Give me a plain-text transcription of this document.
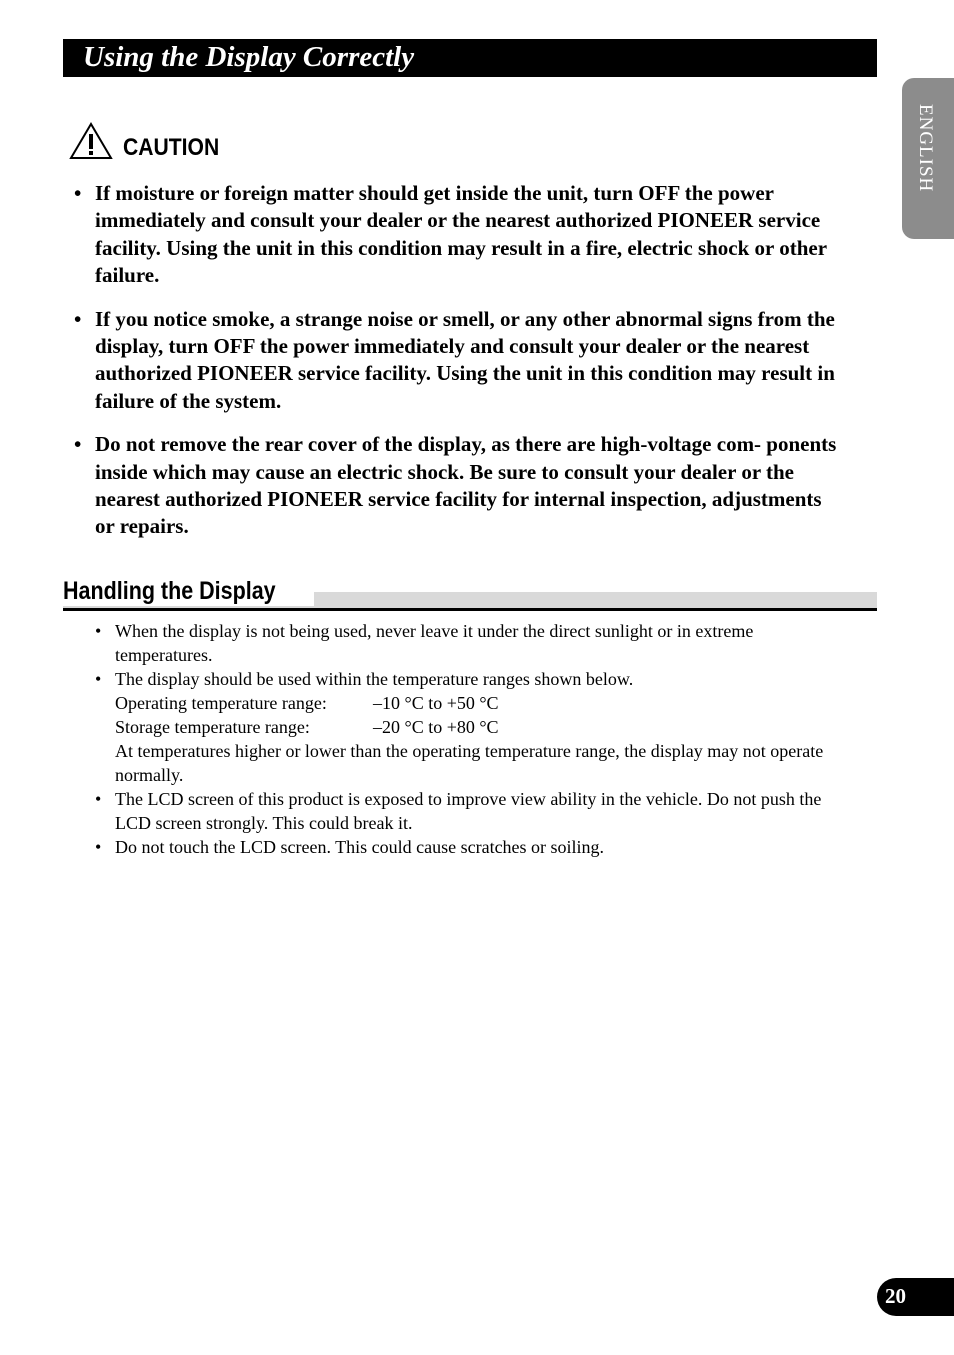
Using the Display Correctly
ENGLISH
CAUTION
• If moisture or foreign matter should get inside the unit, turn OFF the power immediately and consult your dealer or the nearest authorized PIONEER service facility. Using the unit in this condition may result in a fire, electric shock or other failure.
• If you notice smoke, a strange noise or smell, or any other abnormal signs from the display, turn OFF the power immediately and consult your dealer or the nearest authorized PIONEER service facility. Using the unit in this condition may result in failure of the system.
• Do not remove the rear cover of the display, as there are high-voltage com- ponents inside which may cause an electric shock. Be sure to consult your dealer or the nearest authorized PIONEER service facility for internal inspection, adjustments or repairs.
Handling the Display
• When the display is not being used, never leave it under the direct sunlight or in extreme temperatures.
• The display should be used within the temperature ranges shown below.
Operating temperature range:	–10 °C to +50 °C
Storage temperature range:	–20 °C to +80 °C
At temperatures higher or lower than the operating temperature range, the display may not operate normally.
• The LCD screen of this product is exposed to improve view ability in the vehicle. Do not push the LCD screen strongly. This could break it.
• Do not touch the LCD screen. This could cause scratches or soiling.
20
